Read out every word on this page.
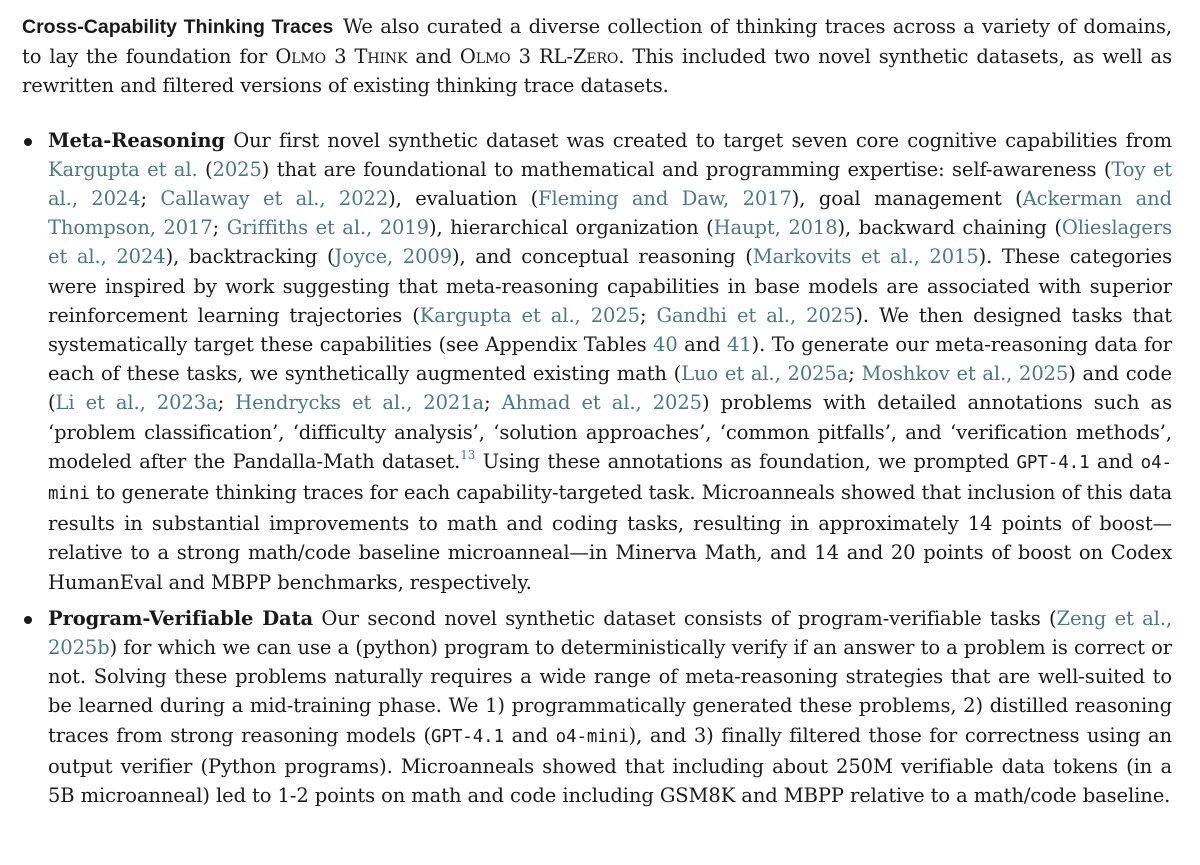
Cross-Capability Thinking Traces  We also curated a diverse collection of thinking traces across a variety of domains, to lay the foundation for Olmo 3 Think and Olmo 3 RL-Zero. This included two novel synthetic datasets, as well as rewritten and filtered versions of existing thinking trace datasets.

Meta-Reasoning Our first novel synthetic dataset was created to target seven core cognitive capabilities from Kargupta et al. (2025) that are foundational to mathematical and programming expertise: self-awareness (Toy et al., 2024; Callaway et al., 2022), evaluation (Fleming and Daw, 2017), goal management (Ackerman and Thompson, 2017; Griffiths et al., 2019), hierarchical organization (Haupt, 2018), backward chaining (Olieslagers et al., 2024), backtracking (Joyce, 2009), and conceptual reasoning (Markovits et al., 2015). These categories were inspired by work suggesting that meta-reasoning capabilities in base models are associated with superior reinforcement learning trajectories (Kargupta et al., 2025; Gandhi et al., 2025). We then designed tasks that systematically target these capabilities (see Appendix Tables 40 and 41). To generate our meta-reasoning data for each of these tasks, we synthetically augmented existing math (Luo et al., 2025a; Moshkov et al., 2025) and code (Li et al., 2023a; Hendrycks et al., 2021a; Ahmad et al., 2025) problems with detailed annotations such as ‘problem classification’, ‘difficulty analysis’, ‘solution approaches’, ‘common pitfalls’, and ‘verification methods’, modeled after the Pandalla-Math dataset.$^{13}$ Using these annotations as foundation, we prompted GPT-4.1 and o4-mini to generate thinking traces for each capability-targeted task. Microanneals showed that inclusion of this data results in substantial improvements to math and coding tasks, resulting in approximately 14 points of boost—relative to a strong math/code baseline microanneal—in Minerva Math, and 14 and 20 points of boost on Codex HumanEval and MBPP benchmarks, respectively.
Program-Verifiable Data Our second novel synthetic dataset consists of program-verifiable tasks (Zeng et al., 2025b) for which we can use a (python) program to deterministically verify if an answer to a problem is correct or not. Solving these problems naturally requires a wide range of meta-reasoning strategies that are well-suited to be learned during a mid-training phase. We 1) programmatically generated these problems, 2) distilled reasoning traces from strong reasoning models (GPT-4.1 and o4-mini), and 3) finally filtered those for correctness using an output verifier (Python programs). Microanneals showed that including about 250M verifiable data tokens (in a 5B microanneal) led to 1-2 points on math and code including GSM8K and MBPP relative to a math/code baseline.
